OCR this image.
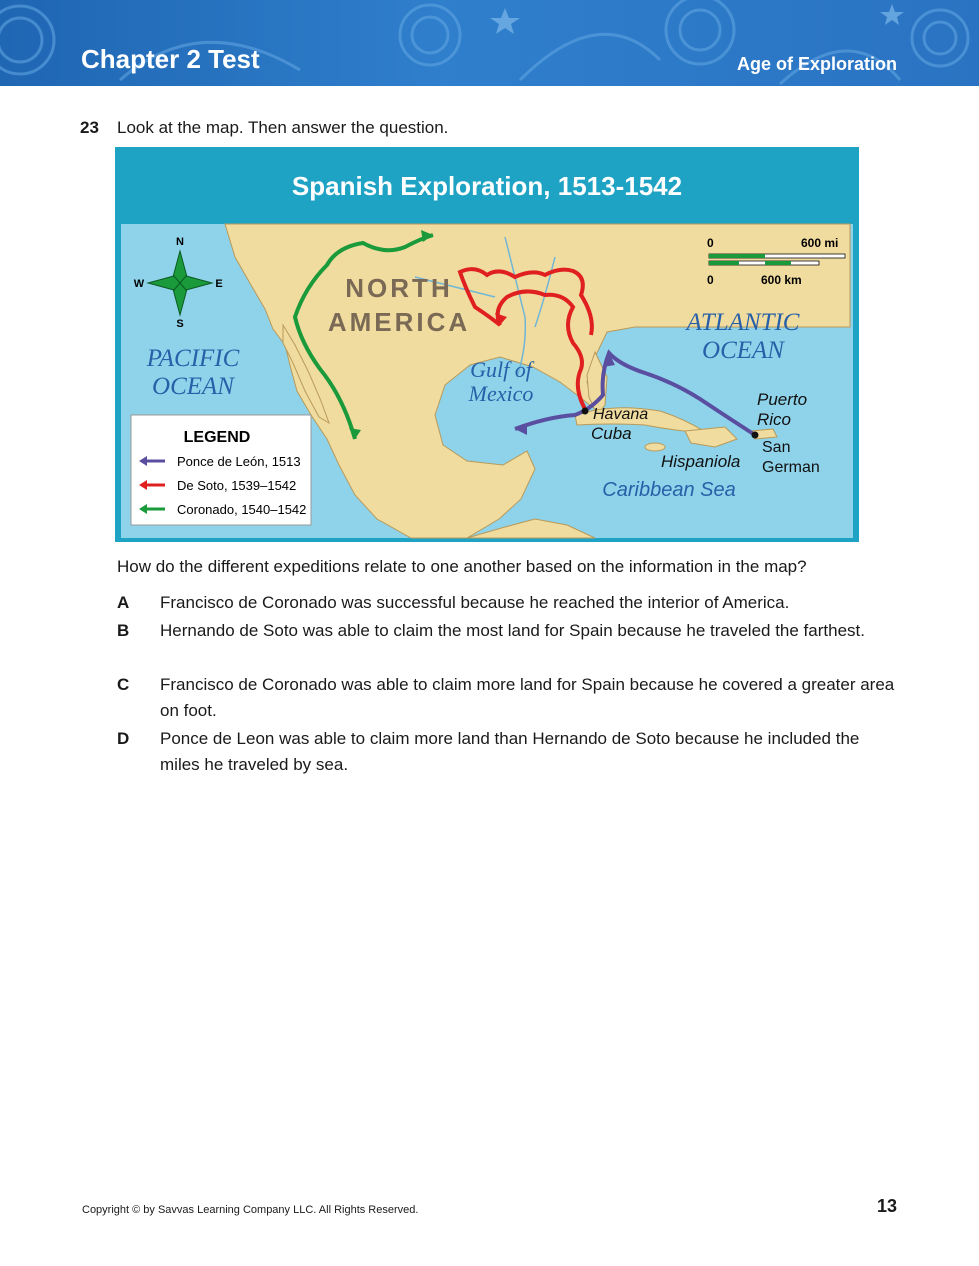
Chapter 2 Test	Age of Exploration
23 Look at the map. Then answer the question.
Spanish Exploration, 1513-1542
N
S
W	E
0	600 mi
0	600 km
NORTH
AMERICA
PACIFIC
OCEAN
ATLANTIC
OCEAN
Gulf of
Mexico
Caribbean Sea
Havana
Cuba
Hispaniola
Puerto
Rico
San
German
LEGEND
Ponce de León, 1513
De Soto, 1539–1542
Coronado, 1540–1542
How do the different expeditions relate to one another based on the information in the map?
A Francisco de Coronado was successful because he reached the interior of America.
B Hernando de Soto was able to claim the most land for Spain because he traveled the farthest.
C Francisco de Coronado was able to claim more land for Spain because he covered a greater area on foot.
D Ponce de Leon was able to claim more land than Hernando de Soto because he included the miles he traveled by sea.
Copyright © by Savvas Learning Company LLC. All Rights Reserved.	13
